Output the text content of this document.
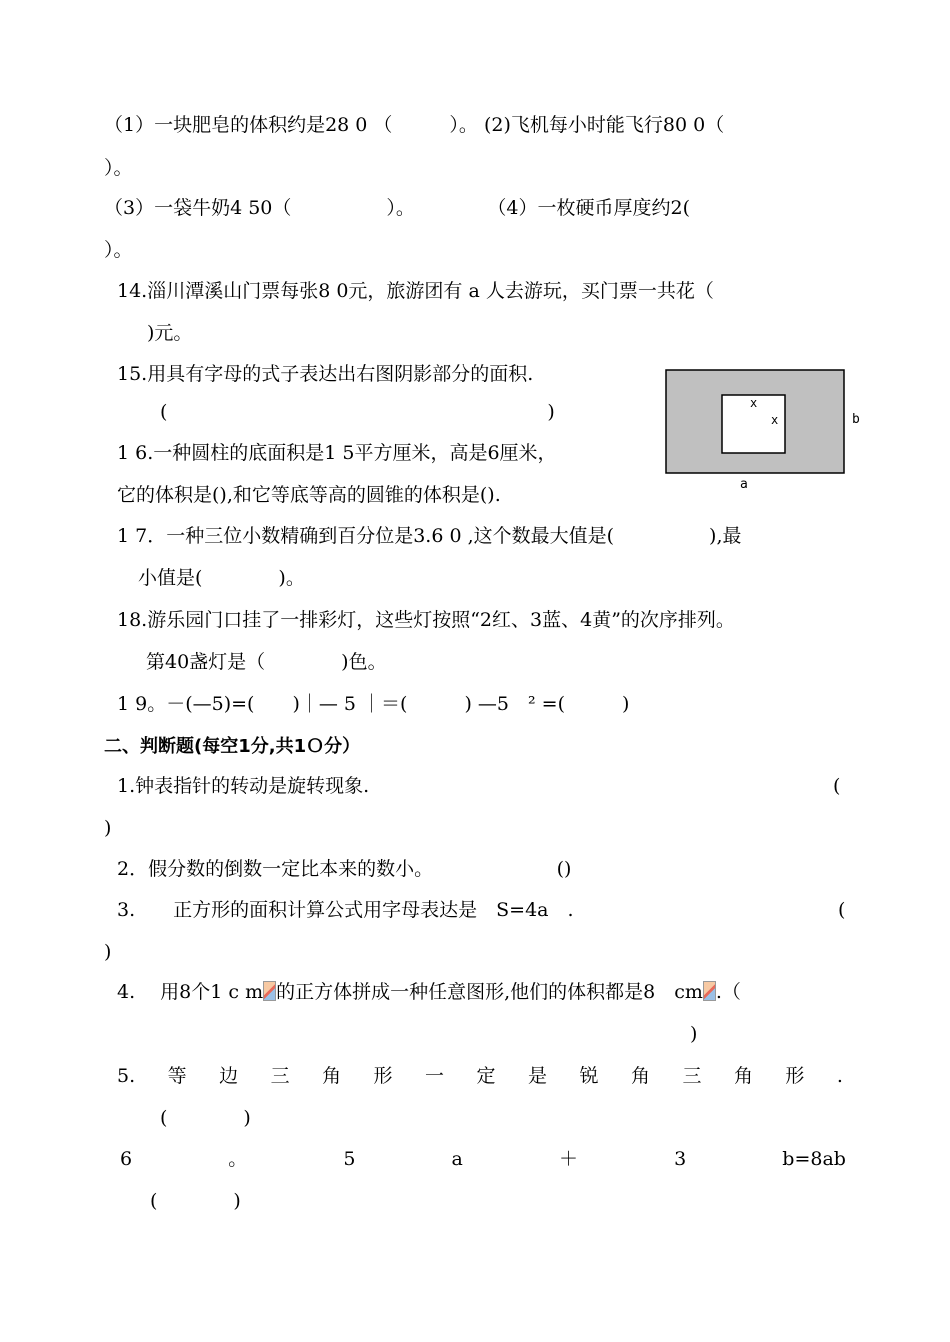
（1）一块肥皂的体积约是28 0 （　　　）。 (2)飞机每小时能飞行80 0（
）。
（3）一袋牛奶4 50（　　　　　）。　　　　 （4）一枚硬币厚度约2(
）。
14.淄川潭溪山门票每张8 0元，旅游团有 a 人去游玩，买门票一共花（
)元。
15.用具有字母的式子表达出右图阴影部分的面积.
(　　　　　　　　　　　　　　　　　　　　)
1 6.一种圆柱的底面积是1 5平方厘米，高是6厘米，
它的体积是(),和它等底等高的圆锥的体积是().
1 7．一种三位小数精确到百分位是3.6 0 ,这个数最大值是(　　　　　),最
小值是(　　　　)。
18.游乐园门口挂了一排彩灯，这些灯按照“2红、3蓝、4黄”的次序排列。
第40盏灯是（　　　　)色。
1 9。－(—5)=(　　)｜— 5 ｜＝(　　　) —5　² =(　　　)
二、判断题(每空1分,共1Ｏ分）
1.钟表指针的转动是旋转现象.	(
)
2．假分数的倒数一定比本来的数小。　　　　　　　()
3.　　正方形的面积计算公式用字母表达是　S=4a　.	(
)
4.　 用8个1 c m 的正方体拼成一种任意图形,他们的体积都是8　cm .（
)
5. 等 边 三 角 形 一 定 是 锐 角 三 角 形 .
(　　　　)
6	。	5	a	＋	3	b=8ab
(　　　　)
x
x	b
a
